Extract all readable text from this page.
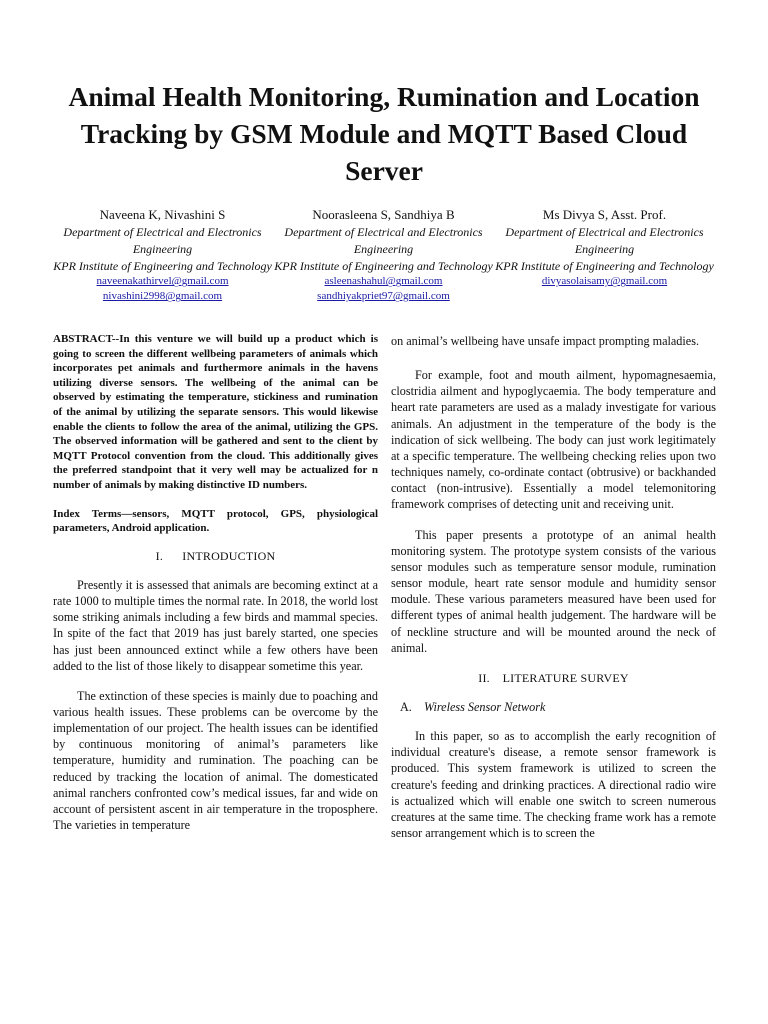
Animal Health Monitoring, Rumination and Location Tracking by GSM Module and MQTT Based Cloud Server
Naveena K, Nivashini S
Department of Electrical and Electronics Engineering
KPR Institute of Engineering and Technology
naveenakathirvel@gmail.com
nivashini2998@gmail.com
Noorasleena S, Sandhiya B
Department of Electrical and Electronics Engineering
KPR Institute of Engineering and Technology
asleenashahul@gmail.com
sandhiyakpriet97@gmail.com
Ms Divya S, Asst. Prof.
Department of Electrical and Electronics Engineering
KPR Institute of Engineering and Technology
divyasolaisamy@gmail.com

ABSTRACT--In this venture we will build up a product which is going to screen the different wellbeing parameters of animals which incorporates pet animals and furthermore animals in the havens utilizing diverse sensors. The wellbeing of the animal can be observed by estimating the temperature, stickiness and rumination of the animal by utilizing the separate sensors. This would likewise enable the clients to follow the area of the animal, utilizing the GPS. The observed information will be gathered and sent to the client by MQTT Protocol convention from the cloud. This additionally gives the preferred standpoint that it very well may be actualized for n number of animals by making distinctive ID numbers.

Index Terms—sensors, MQTT protocol, GPS, physiological parameters, Android application.

I.      INTRODUCTION

Presently it is assessed that animals are becoming extinct at a rate 1000 to multiple times the normal rate. In 2018, the world lost some striking animals including a few birds and mammal species. In spite of the fact that 2019 has just barely started, one species has just been announced extinct while a few others have been added to the list of those likely to disappear sometime this year.

The extinction of these species is mainly due to poaching and various health issues. These problems can be overcome by the implementation of our project. The health issues can be identified by continuous monitoring of animal’s parameters like temperature, humidity and rumination. The poaching can be reduced by tracking the location of animal. The domesticated animal ranchers confronted cow’s medical issues, far and wide on account of persistent ascent in air temperature in the troposphere. The varieties in temperature

on animal’s wellbeing have unsafe impact prompting maladies.

For example, foot and mouth ailment, hypomagnesaemia, clostridia ailment and hypoglycaemia. The body temperature and heart rate parameters are used as a malady investigate for various animals. An adjustment in the temperature of the body is the indication of sick wellbeing. The body can just work legitimately at a specific temperature. The wellbeing checking relies upon two techniques namely, co-ordinate contact (obtrusive) or backhanded contact (non-intrusive). Essentially a model telemonitoring framework comprises of detecting unit and receiving unit.

This paper presents a prototype of an animal health monitoring system. The prototype system consists of the various sensor modules such as temperature sensor module, rumination sensor module, heart rate sensor module and humidity sensor module. These various parameters measured have been used for different types of animal health judgement. The hardware will be of neckline structure and will be mounted around the neck of animal.

II.    LITERATURE SURVEY
A. Wireless Sensor Network

In this paper, so as to accomplish the early recognition of individual creature's disease, a remote sensor framework is produced. This system framework is utilized to screen the creature's feeding and drinking practices. A directional radio wire is actualized which will enable one switch to screen numerous creatures at the same time. The checking frame work has a remote sensor arrangement which is to screen the
